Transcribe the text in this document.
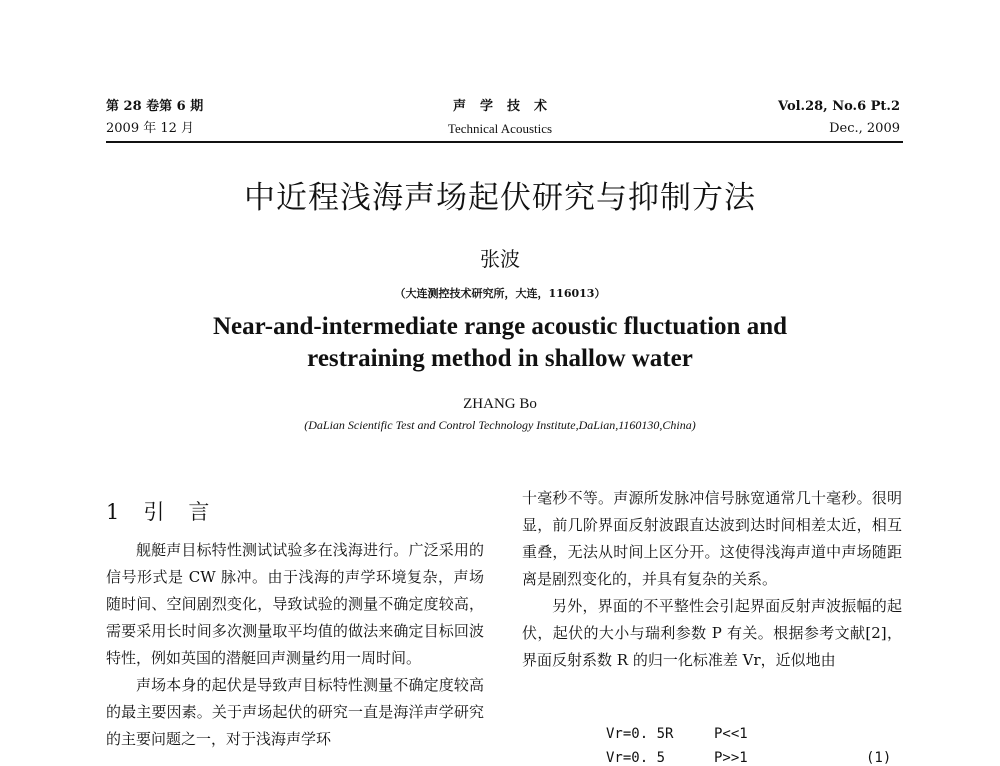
第 28 卷第 6 期
2009 年 12 月
声学技术
Technical Acoustics
Vol.28, No.6 Pt.2
Dec., 2009
中近程浅海声场起伏研究与抑制方法
张波
（大连测控技术研究所，大连，116013）
Near-and-intermediate range acoustic fluctuation and
restraining method in shallow water
ZHANG Bo
(DaLian Scientific Test and Control Technology Institute,DaLian,1160130,China)
1 引 言

舰艇声目标特性测试试验多在浅海进行。广泛采用的信号形式是 CW 脉冲。由于浅海的声学环境复杂，声场随时间、空间剧烈变化，导致试验的测量不确定度较高，需要采用长时间多次测量取平均值的做法来确定目标回波特性，例如英国的潜艇回声测量约用一周时间。

声场本身的起伏是导致声目标特性测量不确定度较高的最主要因素。关于声场起伏的研究一直是海洋声学研究的主要问题之一，对于浅海声学环

十毫秒不等。声源所发脉冲信号脉宽通常几十毫秒。很明显，前几阶界面反射波跟直达波到达时间相差太近，相互重叠，无法从时间上区分开。这使得浅海声道中声场随距离是剧烈变化的，并具有复杂的关系。

另外，界面的不平整性会引起界面反射声波振幅的起伏，起伏的大小与瑞利参数 P 有关。根据参考文献[2]，界面反射系数 R 的归一化标准差 Vr，近似地由

Vr=0. 5R	P<<1
Vr=0. 5	P>>1	(1)
